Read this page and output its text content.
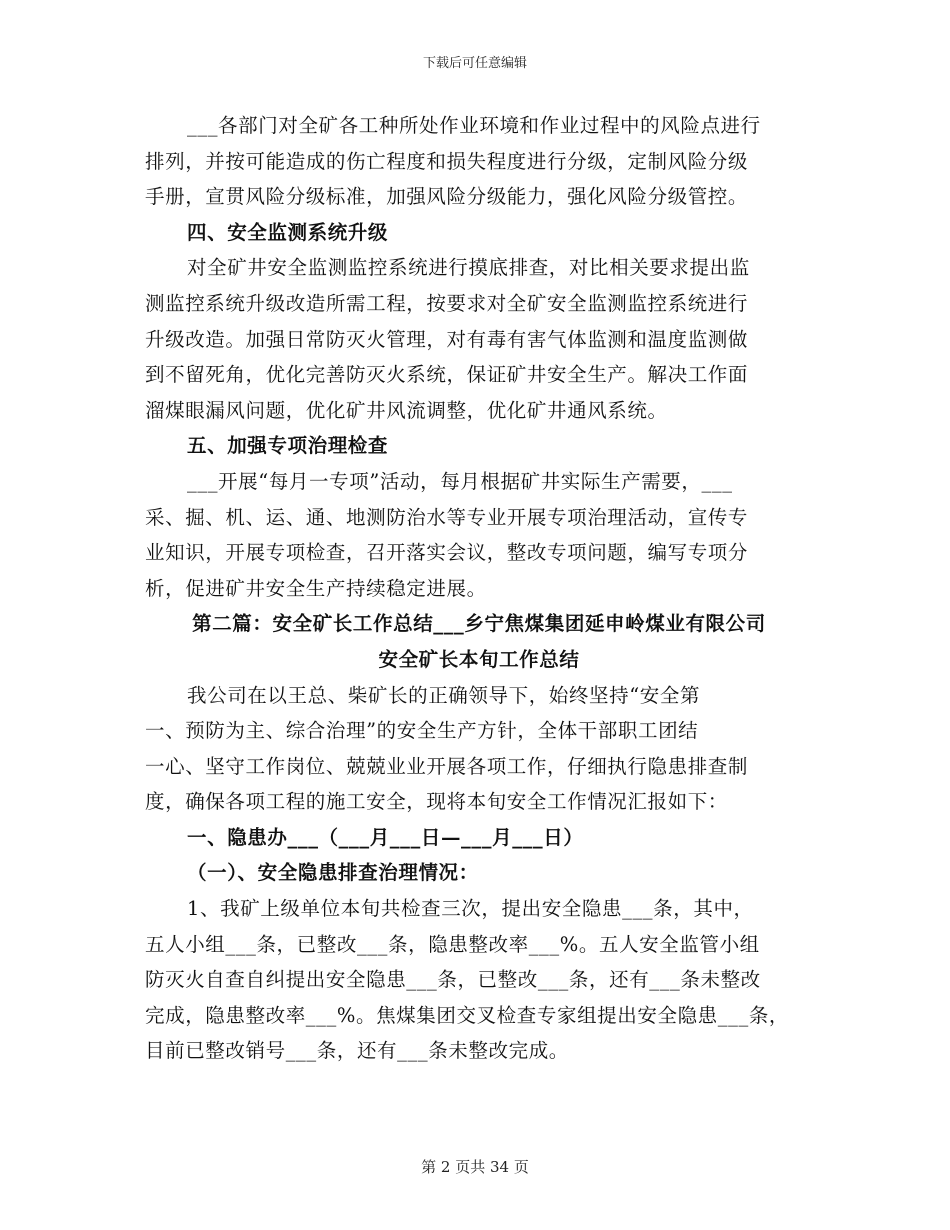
下载后可任意编辑
___各部门对全矿各工种所处作业环境和作业过程中的风险点进行
排列，并按可能造成的伤亡程度和损失程度进行分级，定制风险分级
手册，宣贯风险分级标准，加强风险分级能力，强化风险分级管控。
四、安全监测系统升级
对全矿井安全监测监控系统进行摸底排查，对比相关要求提出监
测监控系统升级改造所需工程，按要求对全矿安全监测监控系统进行
升级改造。加强日常防灭火管理，对有毒有害气体监测和温度监测做
到不留死角，优化完善防灭火系统，保证矿井安全生产。解决工作面
溜煤眼漏风问题，优化矿井风流调整，优化矿井通风系统。
五、加强专项治理检查
___开展“每月一专项”活动，每月根据矿井实际生产需要，___
采、掘、机、运、通、地测防治水等专业开展专项治理活动，宣传专
业知识，开展专项检查，召开落实会议，整改专项问题，编写专项分
析，促进矿井安全生产持续稳定进展。
第二篇：安全矿长工作总结___乡宁焦煤集团延申岭煤业有限公司
安全矿长本旬工作总结
我公司在以王总、柴矿长的正确领导下，始终坚持“安全第
一、预防为主、综合治理”的安全生产方针，全体干部职工团结
一心、坚守工作岗位、兢兢业业开展各项工作，仔细执行隐患排查制
度，确保各项工程的施工安全，现将本旬安全工作情况汇报如下：
一、隐患办___（___月___日—___月___日）
（一）、安全隐患排查治理情况：
1、我矿上级单位本旬共检查三次，提出安全隐患___条，其中，
五人小组___条，已整改___条，隐患整改率___%。五人安全监管小组
防灭火自查自纠提出安全隐患___条，已整改___条，还有___条未整改
完成，隐患整改率___%。焦煤集团交叉检查专家组提出安全隐患___条，
目前已整改销号___条，还有___条未整改完成。
第 2 页共 34 页
